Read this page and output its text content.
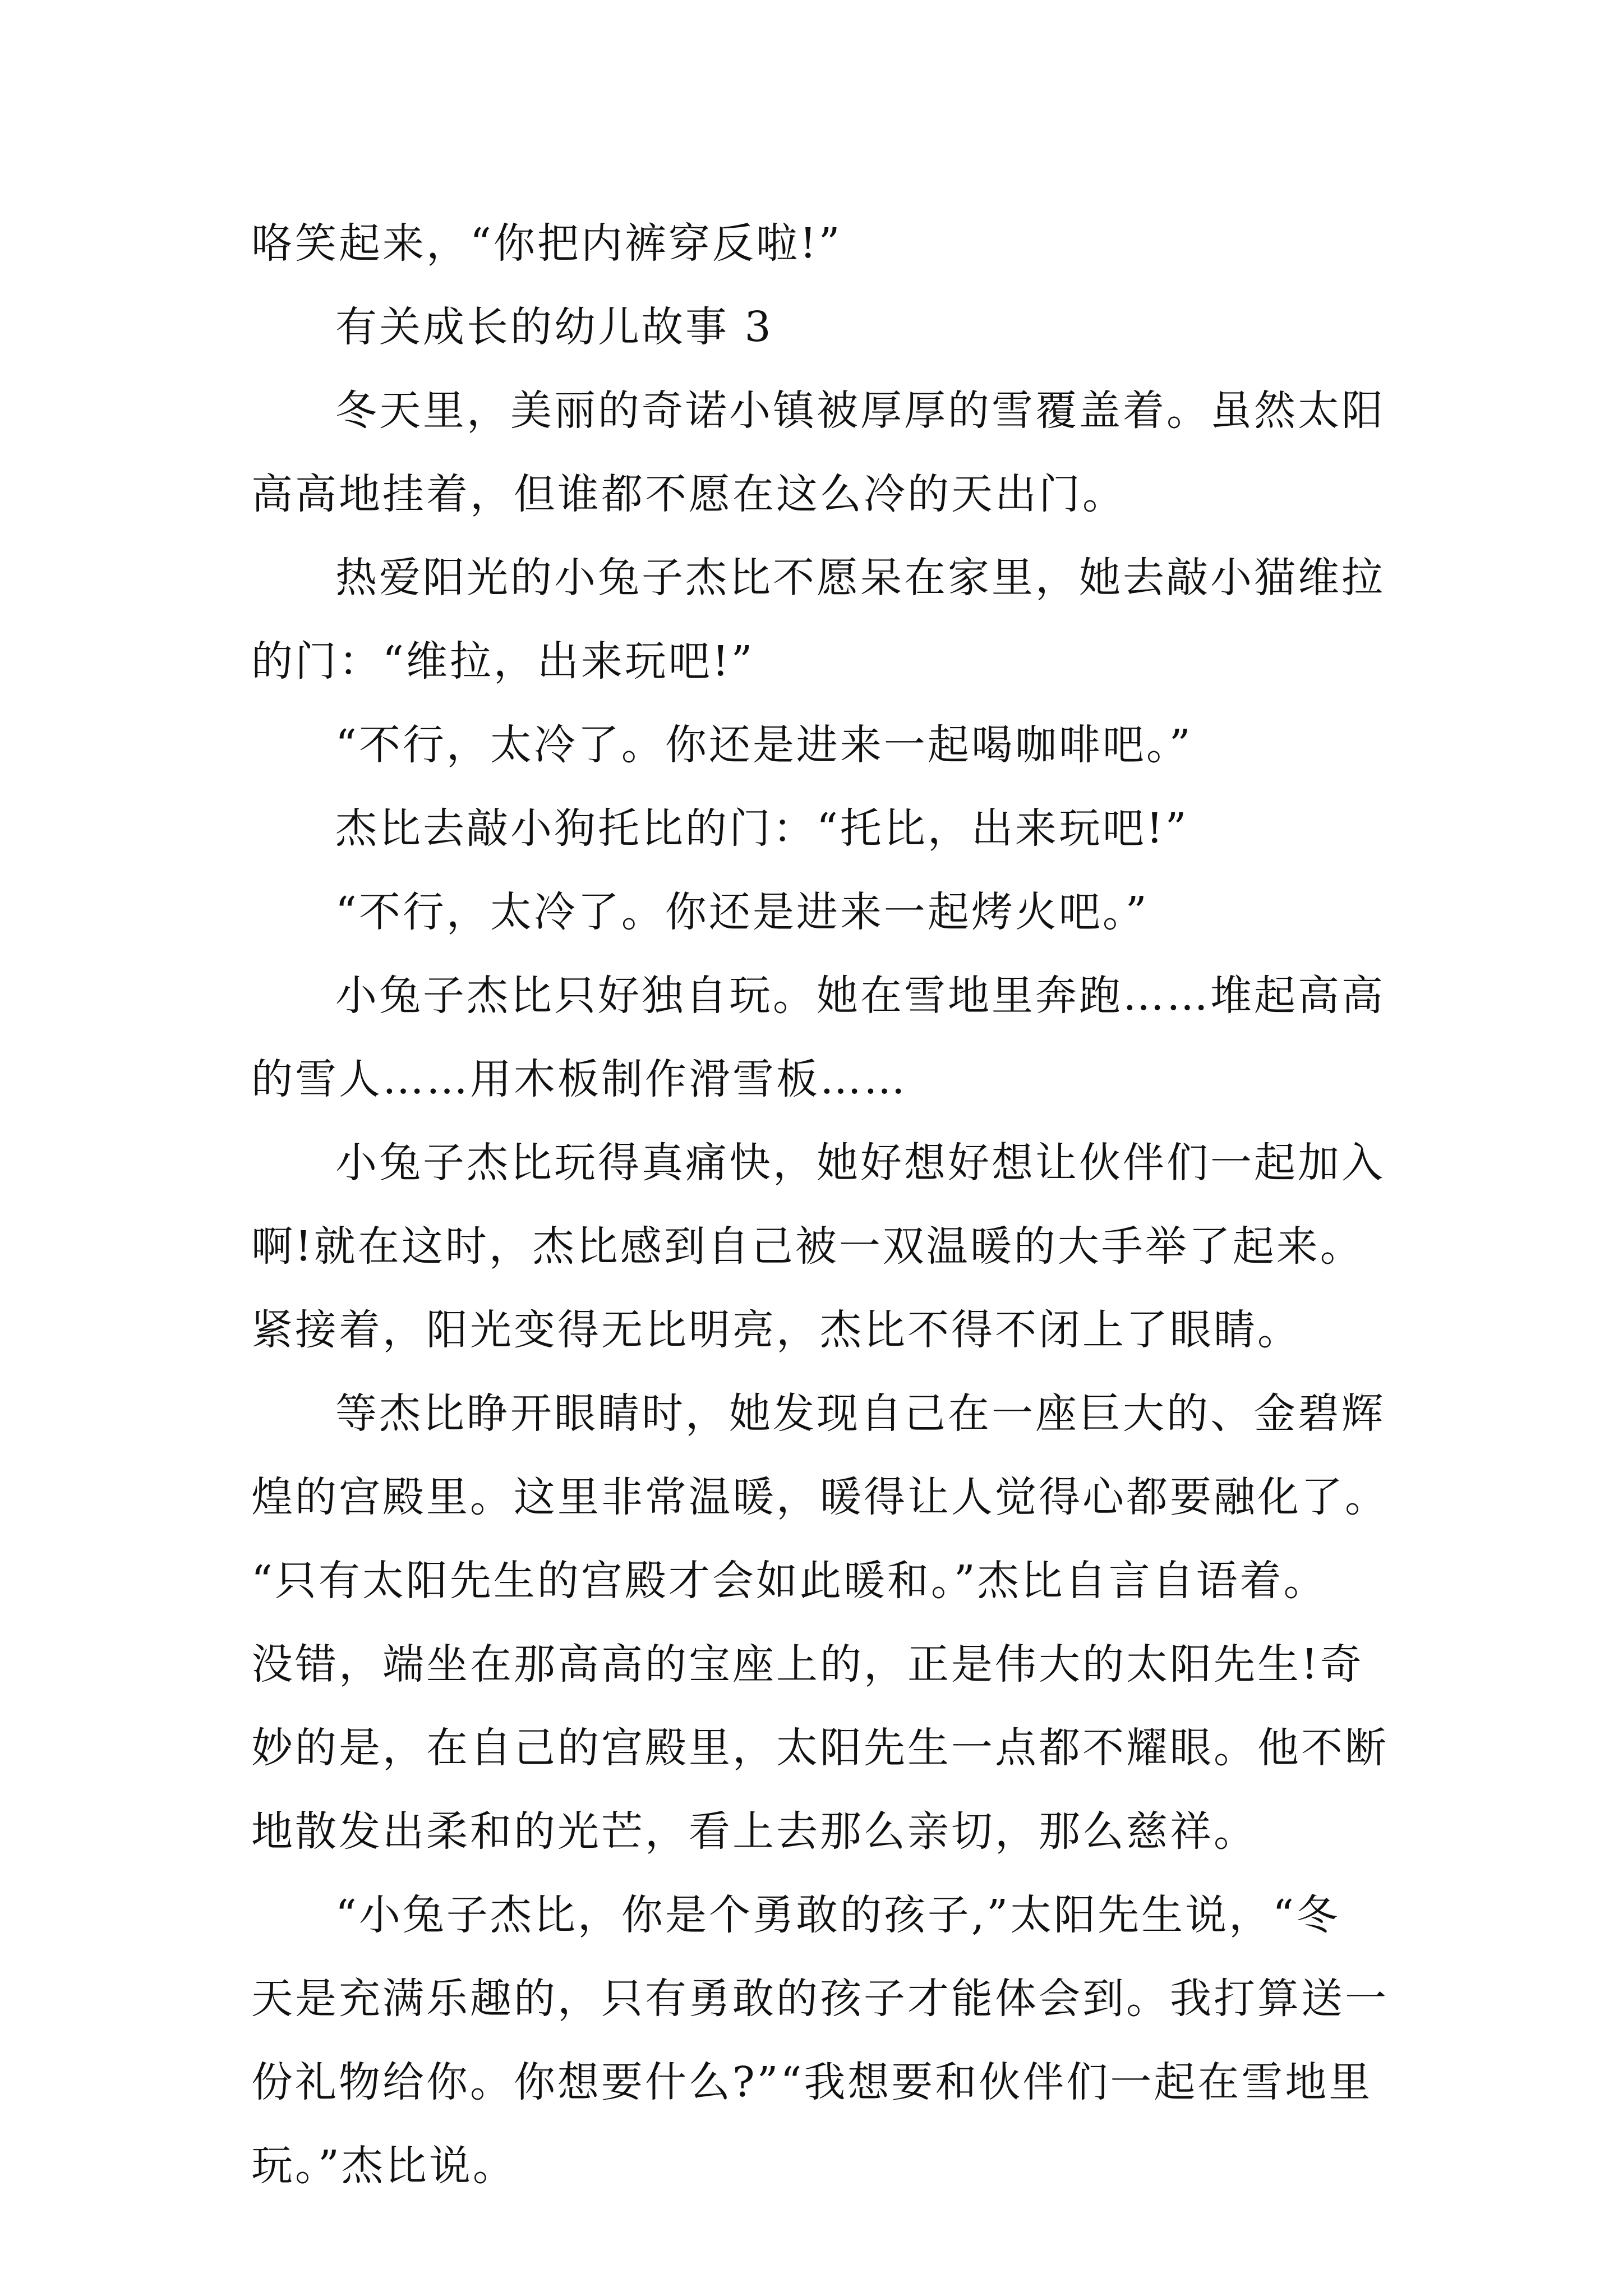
咯笑起来，“你把内裤穿反啦!”
有关成长的幼儿故事 3
冬天里，美丽的奇诺小镇被厚厚的雪覆盖着。虽然太阳
高高地挂着，但谁都不愿在这么冷的天出门。
热爱阳光的小兔子杰比不愿呆在家里，她去敲小猫维拉
的门：“维拉，出来玩吧!”
“不行，太冷了。你还是进来一起喝咖啡吧。”
杰比去敲小狗托比的门：“托比，出来玩吧!”
“不行，太冷了。你还是进来一起烤火吧。”
小兔子杰比只好独自玩。她在雪地里奔跑……堆起高高
的雪人……用木板制作滑雪板……
小兔子杰比玩得真痛快，她好想好想让伙伴们一起加入
啊!就在这时，杰比感到自己被一双温暖的大手举了起来。
紧接着，阳光变得无比明亮，杰比不得不闭上了眼睛。
等杰比睁开眼睛时，她发现自己在一座巨大的、金碧辉
煌的宫殿里。这里非常温暖，暖得让人觉得心都要融化了。
“只有太阳先生的宫殿才会如此暖和。”杰比自言自语着。
没错，端坐在那高高的宝座上的，正是伟大的太阳先生!奇
妙的是，在自己的宫殿里，太阳先生一点都不耀眼。他不断
地散发出柔和的光芒，看上去那么亲切，那么慈祥。
“小兔子杰比，你是个勇敢的孩子,”太阳先生说，“冬
天是充满乐趣的，只有勇敢的孩子才能体会到。我打算送一
份礼物给你。你想要什么?”“我想要和伙伴们一起在雪地里
玩。”杰比说。
